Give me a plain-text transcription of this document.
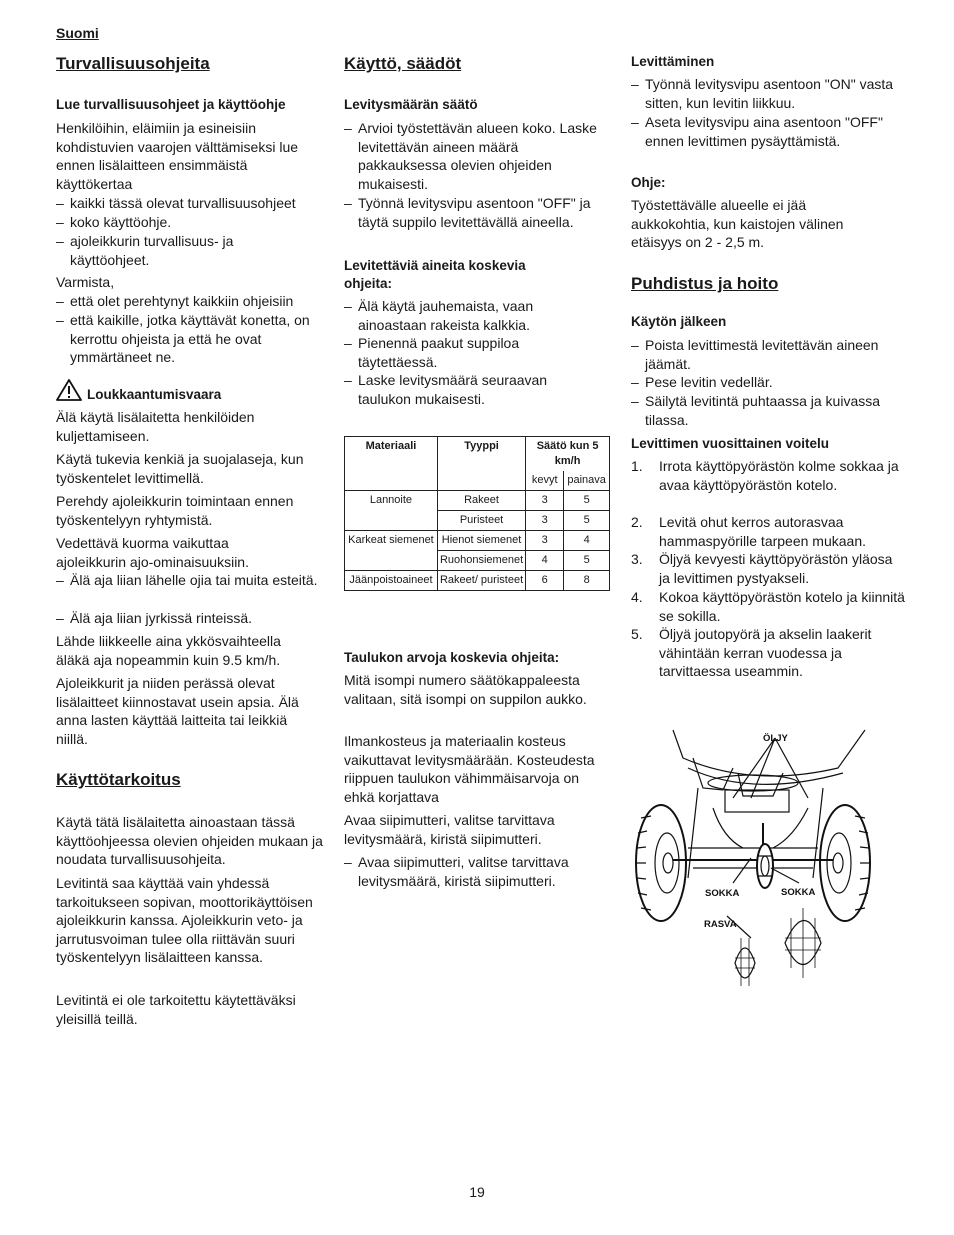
Suomi
Turvallisuusohjeita
Lue turvallisuusohjeet ja käyttöohje
Henkilöihin, eläimiin ja esineisiin kohdistuvien vaarojen välttämiseksi lue ennen lisälaitteen ensimmäistä käyttökertaa
– kaikki tässä olevat turvallisuusohjeet
– koko käyttöohje.
– ajoleikkurin turvallisuus- ja käyttöohjeet.
Varmista,
– että olet perehtynyt kaikkiin ohjeisiin
– että kaikille, jotka käyttävät konetta, on kerrottu ohjeista ja että he ovat ymmärtäneet ne.
Loukkaantumisvaara
Älä käytä lisälaitetta henkilöiden kuljettamiseen.
Käytä tukevia kenkiä ja suojalaseja, kun työskentelet levittimellä.
Perehdy ajoleikkurin toimintaan ennen työskentelyyn ryhtymistä.
Vedettävä kuorma vaikuttaa ajoleikkurin ajo-ominaisuuksiin.
– Älä aja liian lähelle ojia tai muita esteitä.
– Älä aja liian jyrkissä rinteissä.
Lähde liikkeelle aina ykkösvaihteella äläkä aja nopeammin kuin 9.5 km/h.
Ajoleikkurit ja niiden perässä olevat lisälaitteet kiinnostavat usein apsia. Älä anna lasten käyttää laitteita tai leikkiä niillä.
Käyttötarkoitus
Käytä tätä lisälaitetta ainoastaan tässä käyttöohjeessa olevien ohjeiden mukaan ja noudata turvallisuusohjeita.
Levitintä saa käyttää vain yhdessä tarkoitukseen sopivan, moottorikäyttöisen ajoleikkurin kanssa. Ajoleikkurin veto- ja jarrutusvoiman tulee olla riittävän suuri työskentelyyn lisälaitteen kanssa.
Levitintä ei ole tarkoitettu käytettäväksi yleisillä teillä.
Käyttö, säädöt
Levitysmäärän säätö
– Arvioi työstettävän alueen koko. Laske levitettävän aineen määrä pakkauksessa olevien ohjeiden mukaisesti.
– Työnnä levitysvipu asentoon "OFF" ja täytä suppilo levitettävällä aineella.
Levitettäviä aineita koskevia ohjeita:
– Älä käytä jauhemaista, vaan ainoastaan rakeista kalkkia.
– Pienennä paakut suppiloa täytettäessä.
– Laske levitysmäärä seuraavan taulukon mukaisesti.
Materiaali	Tyyppi	Säätö kun 5 km/h	
		kevyt	painava
Lannoite	Rakeet	3	5
	Puristeet	3	5
Karkeat siemenet	Hienot siemenet	3	4
	Ruohonsiemenet	4	5
Jäänpoistoaineet	Rakeet/ puristeet	6	8
Taulukon arvoja koskevia ohjeita:
Mitä isompi numero säätökappaleesta valitaan, sitä isompi on suppilon aukko.
Ilmankosteus ja materiaalin kosteus vaikuttavat levitysmäärään. Kosteudesta riippuen taulukon vähimmäisarvoja on ehkä korjattava
Avaa siipimutteri, valitse tarvittava levitysmäärä, kiristä siipimutteri.
– Avaa siipimutteri, valitse tarvittava levitysmäärä, kiristä siipimutteri.
Levittäminen
– Työnnä levitysvipu asentoon "ON" vasta sitten, kun levitin liikkuu.
– Aseta levitysvipu aina asentoon "OFF" ennen levittimen pysäyttämistä.
Ohje:
Työstettävälle alueelle ei jää aukkokohtia, kun kaistojen välinen etäisyys on 2 - 2,5 m.
Puhdistus ja hoito
Käytön jälkeen
– Poista levittimestä levitettävän aineen jäämät.
– Pese levitin vedellär.
– Säilytä levitintä puhtaassa ja kuivassa tilassa.
Levittimen vuosittainen voitelu
1. Irrota käyttöpyörästön kolme sokkaa ja avaa käyttöpyörästön kotelo.
2. Levitä ohut kerros autorasvaa hammaspyörille tarpeen mukaan.
3. Öljyä kevyesti käyttöpyörästön yläosa ja levittimen pystyakseli.
4. Kokoa käyttöpyörästön kotelo ja kiinnitä se sokilla.
5. Öljyä joutopyörä ja akselin laakerit vähintään kerran vuodessa ja tarvittaessa useammin.
ÖLJY
SOKKA	SOKKA
RASVA
19
